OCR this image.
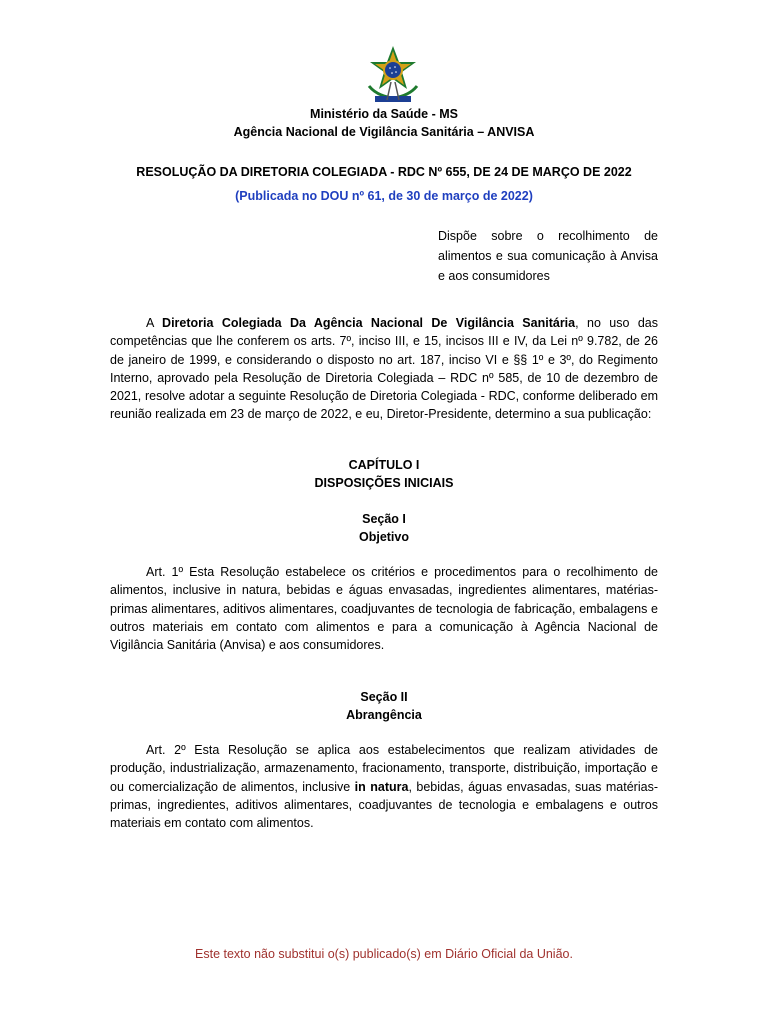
Ministério da Saúde - MS
Agência Nacional de Vigilância Sanitária – ANVISA
RESOLUÇÃO DA DIRETORIA COLEGIADA - RDC Nº 655, DE 24 DE MARÇO DE 2022
(Publicada no DOU nº 61, de 30 de março de 2022)
Dispõe sobre o recolhimento de alimentos e sua comunicação à Anvisa e aos consumidores

A Diretoria Colegiada Da Agência Nacional De Vigilância Sanitária, no uso das competências que lhe conferem os arts. 7º, inciso III, e 15, incisos III e IV, da Lei nº 9.782, de 26 de janeiro de 1999, e considerando o disposto no art. 187, inciso VI e §§ 1º e 3º, do Regimento Interno, aprovado pela Resolução de Diretoria Colegiada – RDC nº 585, de 10 de dezembro de 2021, resolve adotar a seguinte Resolução de Diretoria Colegiada - RDC, conforme deliberado em reunião realizada em 23 de março de 2022, e eu, Diretor-Presidente, determino a sua publicação:

CAPÍTULO I
DISPOSIÇÕES INICIAIS
Seção I
Objetivo

Art. 1º Esta Resolução estabelece os critérios e procedimentos para o recolhimento de alimentos, inclusive in natura, bebidas e águas envasadas, ingredientes alimentares, matérias-primas alimentares, aditivos alimentares, coadjuvantes de tecnologia de fabricação, embalagens e outros materiais em contato com alimentos e para a comunicação à Agência Nacional de Vigilância Sanitária (Anvisa) e aos consumidores.

Seção II
Abrangência

Art. 2º Esta Resolução se aplica aos estabelecimentos que realizam atividades de produção, industrialização, armazenamento, fracionamento, transporte, distribuição, importação e ou comercialização de alimentos, inclusive in natura, bebidas, águas envasadas, suas matérias-primas, ingredientes, aditivos alimentares, coadjuvantes de tecnologia e embalagens e outros materiais em contato com alimentos.

Este texto não substitui o(s) publicado(s) em Diário Oficial da União.
